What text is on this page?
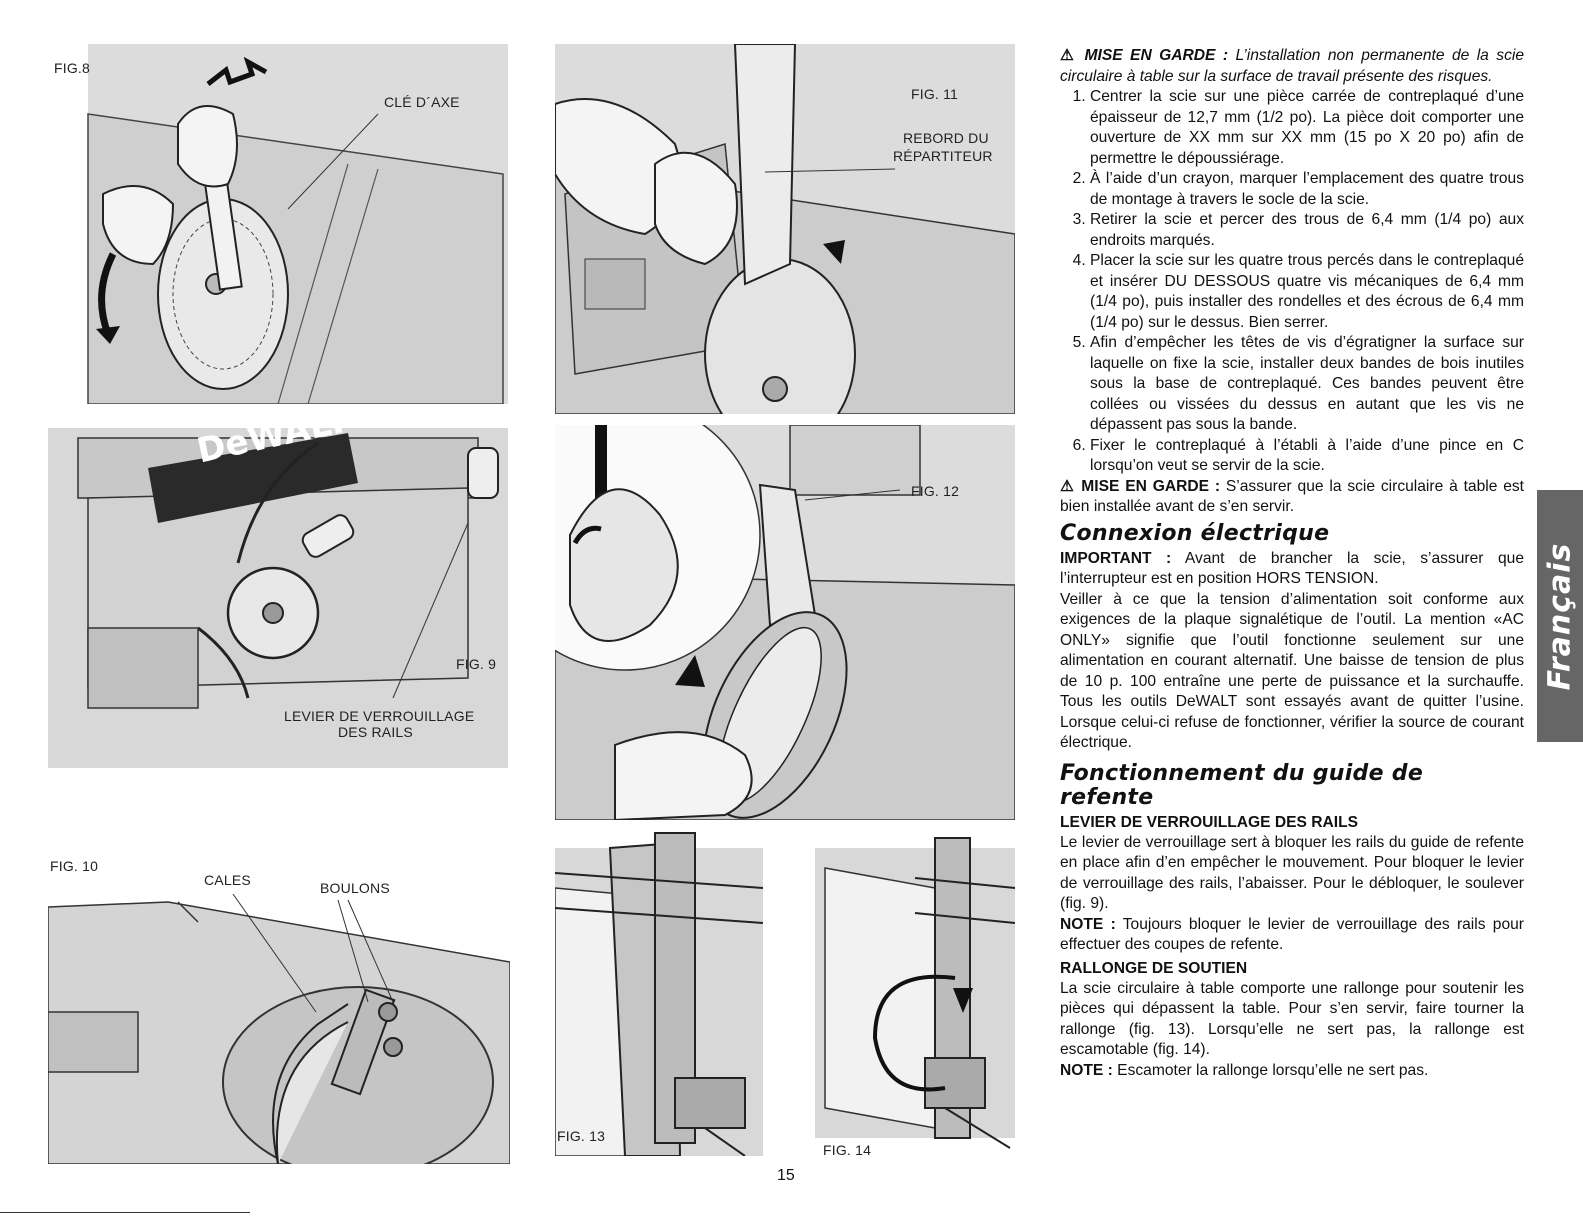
FIG.8
CLÉ D´AXE
FIG. 9
LEVIER DE VERROUILLAGE
DES RAILS
FIG. 10
CALES	BOULONS
FIG. 11
REBORD DU
RÉPARTITEUR
FIG. 12
FIG. 13
FIG. 14

⚠ MISE EN GARDE : L’installation non permanente de la scie circulaire à table sur la surface de travail présente des risques.

1. Centrer la scie sur une pièce carrée de contreplaqué d’une épaisseur de 12,7 mm (1/2 po). La pièce doit comporter une ouverture de XX mm sur XX mm (15 po X 20 po) afin de permettre le dépoussiérage.
2. À l’aide d’un crayon, marquer l’emplacement des quatre trous de montage à travers le socle de la scie.
3. Retirer la scie et percer des trous de 6,4 mm (1/4 po) aux endroits marqués.
4. Placer la scie sur les quatre trous percés dans le contreplaqué et insérer DU DESSOUS quatre vis mécaniques de 6,4 mm (1/4 po), puis installer des rondelles et des écrous de 6,4 mm (1/4 po) sur le dessus. Bien serrer.
5. Afin d’empêcher les têtes de vis d’égratigner la surface sur laquelle on fixe la scie, installer deux bandes de bois inutiles sous la base de contreplaqué. Ces bandes peuvent être collées ou vissées du dessus en autant que les vis ne dépassent pas sous la bande.
6. Fixer le contreplaqué à l’établi à l’aide d’une pince en C lorsqu’on veut se servir de la scie.

⚠ MISE EN GARDE : S’assurer que la scie circulaire à table est bien installée avant de s’en servir.

Connexion électrique

IMPORTANT : Avant de brancher la scie, s’assurer que l’interrupteur est en position HORS TENSION.

Veiller à ce que la tension d’alimentation soit conforme aux exigences de la plaque signalétique de l’outil. La mention «AC ONLY» signifie que l’outil fonctionne seulement sur une alimentation en courant alternatif. Une baisse de tension de plus de 10 p. 100 entraîne une perte de puissance et la surchauffe. Tous les outils DeWALT sont essayés avant de quitter l’usine. Lorsque celui-ci refuse de fonctionner, vérifier la source de courant électrique.

Fonctionnement du guide de refente
LEVIER DE VERROUILLAGE DES RAILS

Le levier de verrouillage sert à bloquer les rails du guide de refente en place afin d’en empêcher le mouvement. Pour bloquer le levier de verrouillage des rails, l’abaisser. Pour le débloquer, le soulever (fig. 9).

NOTE : Toujours bloquer le levier de verrouillage des rails pour effectuer des coupes de refente.

RALLONGE DE SOUTIEN

La scie circulaire à table comporte une rallonge pour soutenir les pièces qui dépassent la table. Pour s’en servir, faire tourner la rallonge (fig. 13). Lorsqu’elle ne sert pas, la rallonge est escamotable (fig. 14).

NOTE : Escamoter la rallonge lorsqu’elle ne sert pas.

Français
15
